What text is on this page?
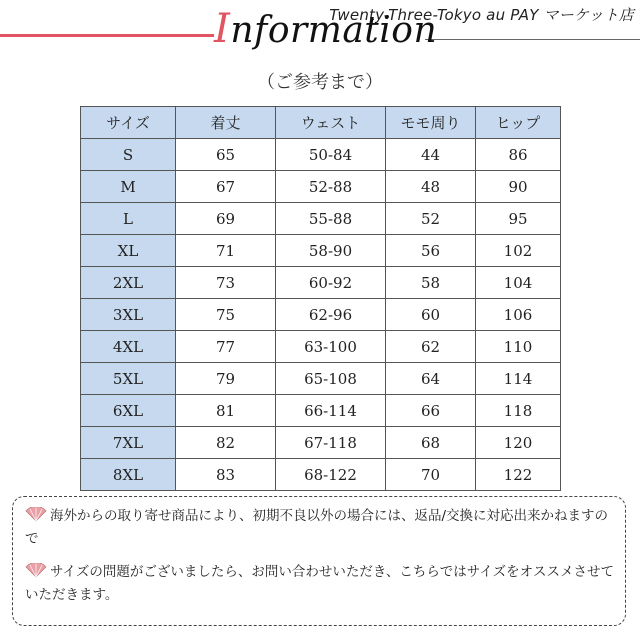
Twenty-Three-Tokyo au PAY マーケット店
Information
（ご参考まで）
サイズ	着丈	ウェスト	モモ周り	ヒップ
S	65	50-84	44	86
M	67	52-88	48	90
L	69	55-88	52	95
XL	71	58-90	56	102
2XL	73	60-92	58	104
3XL	75	62-96	60	106
4XL	77	63-100	62	110
5XL	79	65-108	64	114
6XL	81	66-114	66	118
7XL	82	67-118	68	120
8XL	83	68-122	70	122
海外からの取り寄せ商品により、初期不良以外の場合には、返品/交換に対応出来かねますので
サイズの問題がございましたら、お問い合わせいただき、こちらではサイズをオススメさせていただきます。
